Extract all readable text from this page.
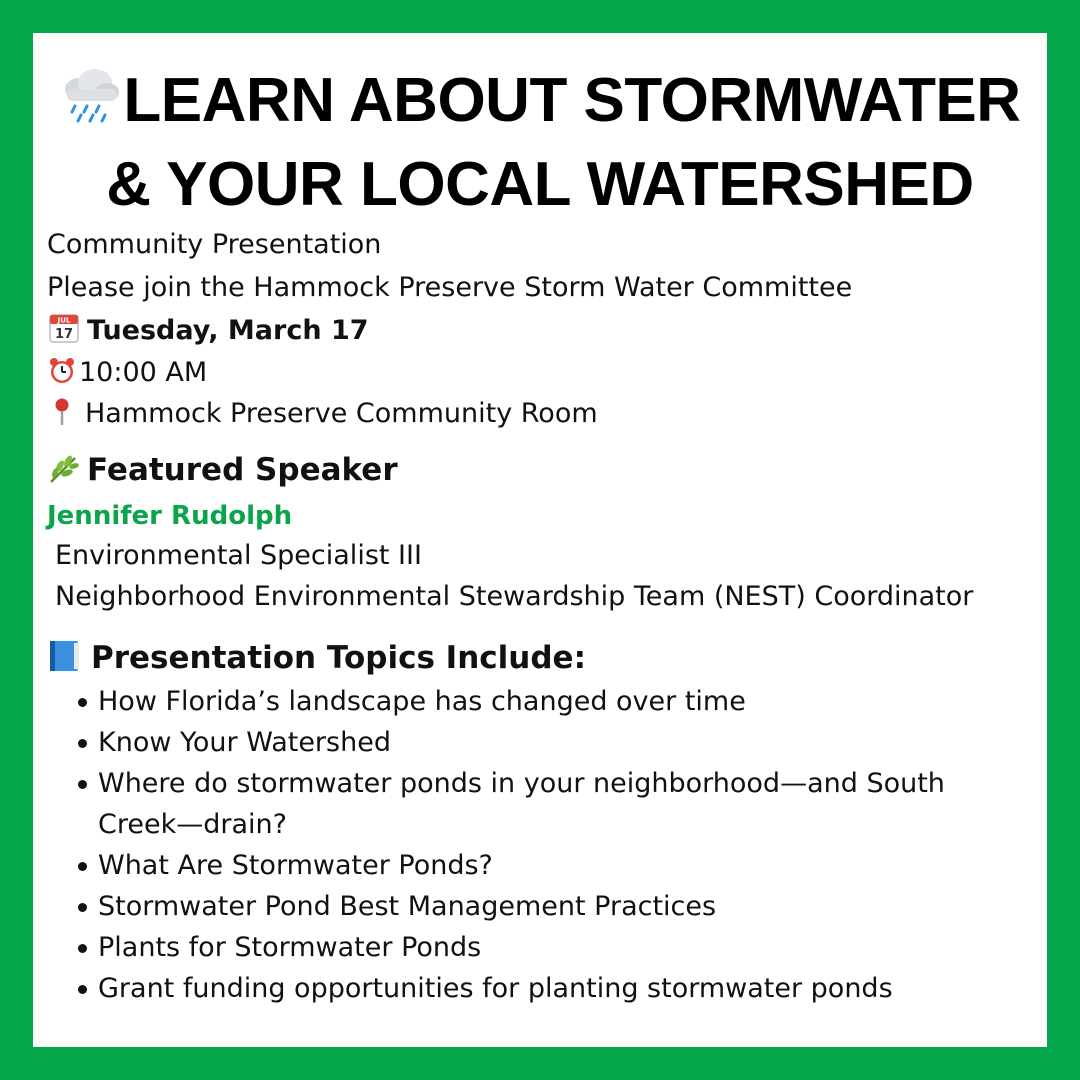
LEARN ABOUT STORMWATER
& YOUR LOCAL WATERSHED
Community Presentation
Please join the Hammock Preserve Storm Water Committee
JUL
17 Tuesday, March 17
10:00 AM
Hammock Preserve Community Room
Featured Speaker
Jennifer Rudolph
Environmental Specialist III
Neighborhood Environmental Stewardship Team (NEST) Coordinator
Presentation Topics Include:
How Florida’s landscape has changed over time
Know Your Watershed
Where do stormwater ponds in your neighborhood—and South Creek—drain?
What Are Stormwater Ponds?
Stormwater Pond Best Management Practices
Plants for Stormwater Ponds
Grant funding opportunities for planting stormwater ponds
